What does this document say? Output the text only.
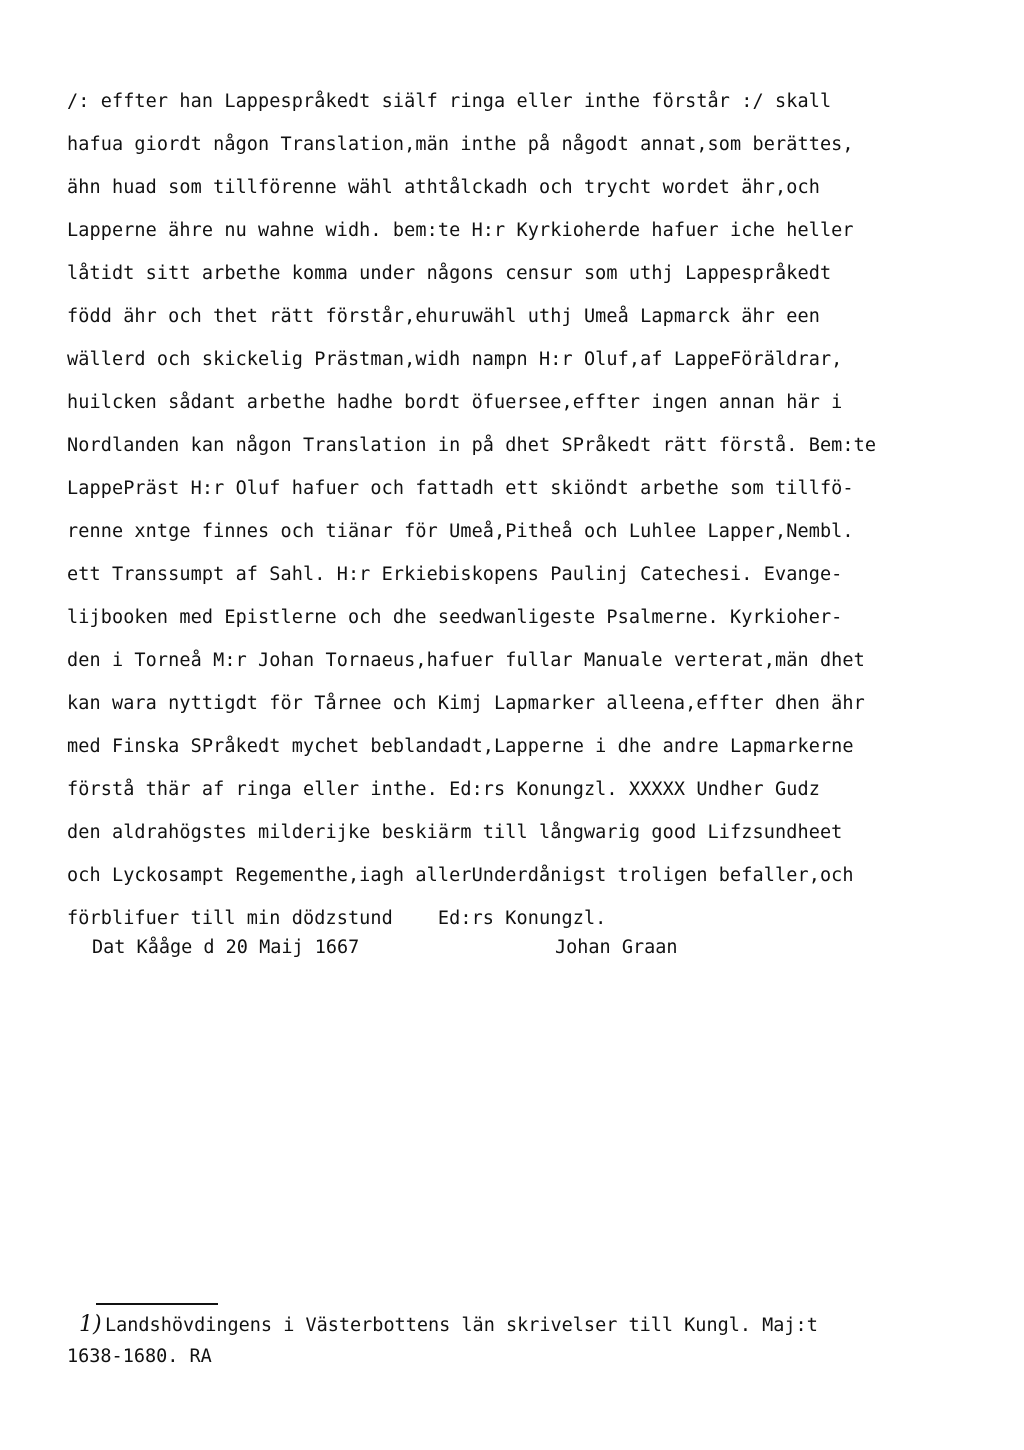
/: effter han Lappespråkedt siälf ringa eller inthe förstår :/ skall
hafua giordt någon Translation,män inthe på någodt annat,som berättes,
ähn huad som tillförenne wähl athtålckadh och trycht wordet ähr,och
Lapperne ähre nu wahne widh. bem:te H:r Kyrkioherde hafuer iche heller
låtidt sitt arbethe komma under någons censur som uthj Lappespråkedt
född ähr och thet rätt förstår,ehuruwähl uthj Umeå Lapmarck ähr een
wällerd och skickelig Prästman,widh nampn H:r Oluf,af LappeFöräldrar,
huilcken sådant arbethe hadhe bordt öfuersee,effter ingen annan här i
Nordlanden kan någon Translation in på dhet SPråkedt rätt förstå. Bem:te
LappePräst H:r Oluf hafuer och fattadh ett skiöndt arbethe som tillfö-
renne xntge finnes och tiänar för Umeå,Pitheå och Luhlee Lapper,Nembl.
ett Transsumpt af Sahl. H:r Erkiebiskopens Paulinj Catechesi. Evange-
lijbooken med Epistlerne och dhe seedwanligeste Psalmerne. Kyrkioher-
den i Torneå M:r Johan Tornaeus,hafuer fullar Manuale verterat,män dhet
kan wara nyttigdt för Tårnee och Kimj Lapmarker alleena,effter dhen ähr
med Finska SPråkedt mychet beblandadt,Lapperne i dhe andre Lapmarkerne
förstå thär af ringa eller inthe. Ed:rs Konungzl. XXXXX Undher Gudz
den aldrahögstes milderijke beskiärm till långwarig good Lifzsundheet
och Lyckosampt Regementhe,iagh allerUnderdånigst troligen befaller,och
förblifuer till min dödzstund    Ed:rs Konungzl.

Dat Kååge d 20 Maij 1667

	Johan Graan

1) Landshövdingens i Västerbottens län skrivelser till Kungl. Maj:t
1638-1680. RA
